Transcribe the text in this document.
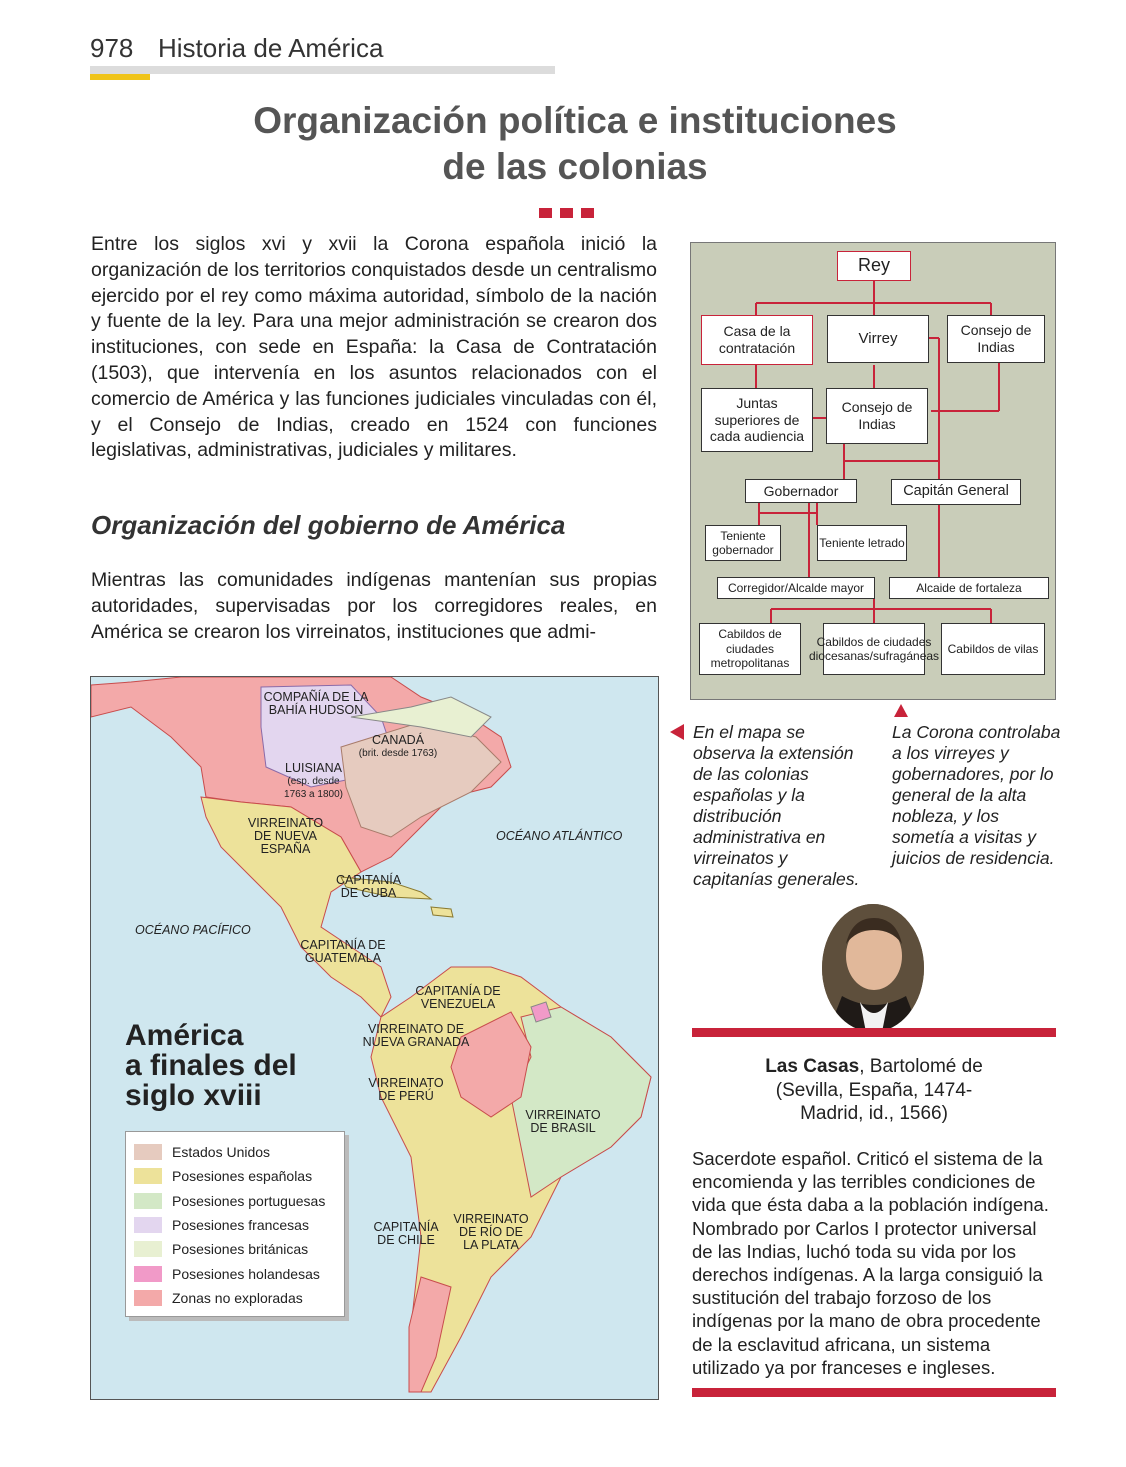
978 Historia de América
Organización política e instituciones
de las colonias
Entre los siglos xvi y xvii la Corona española inició la organización de los territorios conquistados desde un centralismo ejercido por el rey como máxima autoridad, símbolo de la nación y fuente de la ley. Para una mejor administración se crearon dos instituciones, con sede en España: la Casa de Contratación (1503), que intervenía en los asuntos relacionados con el comercio de América y las funciones judiciales vinculadas con él, y el Consejo de Indias, creado en 1524 con funciones legislativas, administrativas, judiciales y militares.
Organización del gobierno de América
Mientras las comunidades indígenas mantenían sus propias autoridades, supervisadas por los corregidores reales, en América se crearon los virreinatos, instituciones que admi-
COMPAÑÍA DE LA BAHÍA HUDSON
CANADÁ
(brit. desde 1763)
LUISIANA
(esp. desde 1763 a 1800)
VIRREINATO DE NUEVA ESPAÑA
CAPITANÍA DE CUBA
CAPITANÍA DE GUATEMALA
CAPITANÍA DE VENEZUELA
VIRREINATO DE NUEVA GRANADA
VIRREINATO DE PERÚ
VIRREINATO DE BRASIL
CAPITANÍA DE CHILE
VIRREINATO DE RÍO DE LA PLATA
OCÉANO ATLÁNTICO
OCÉANO PACÍFICO
América
a finales del
siglo xviii
Estados Unidos
Posesiones españolas
Posesiones portuguesas
Posesiones francesas
Posesiones británicas
Posesiones holandesas
Zonas no exploradas
Rey
Casa de la contratación
Virrey	Consejo de Indias
Juntas superiores de cada audiencia
Consejo de Indias
Gobernador	Capitán General
Teniente gobernador
Teniente letrado
Corregidor/Alcalde mayor	Alcaide de fortaleza
Cabildos de ciudades metropolitanas
Cabildos de ciudades diocesanas/sufragáneas
Cabildos de vilas
En el mapa se observa la extensión de las colonias españolas y la distribución administrativa en virreinatos y capitanías generales.
La Corona controlaba a los virreyes y gobernadores, por lo general de la alta nobleza, y los sometía a visitas y juicios de residencia.
Las Casas, Bartolomé de
(Sevilla, España, 1474-Madrid, id., 1566)
Sacerdote español. Criticó el sistema de la encomienda y las terribles condiciones de vida que ésta daba a la población indígena. Nombrado por Carlos I protector universal de las Indias, luchó toda su vida por los derechos indígenas. A la larga consiguió la sustitución del trabajo forzoso de los indígenas por la mano de obra procedente de la esclavitud africana, un sistema utilizado ya por franceses e ingleses.
